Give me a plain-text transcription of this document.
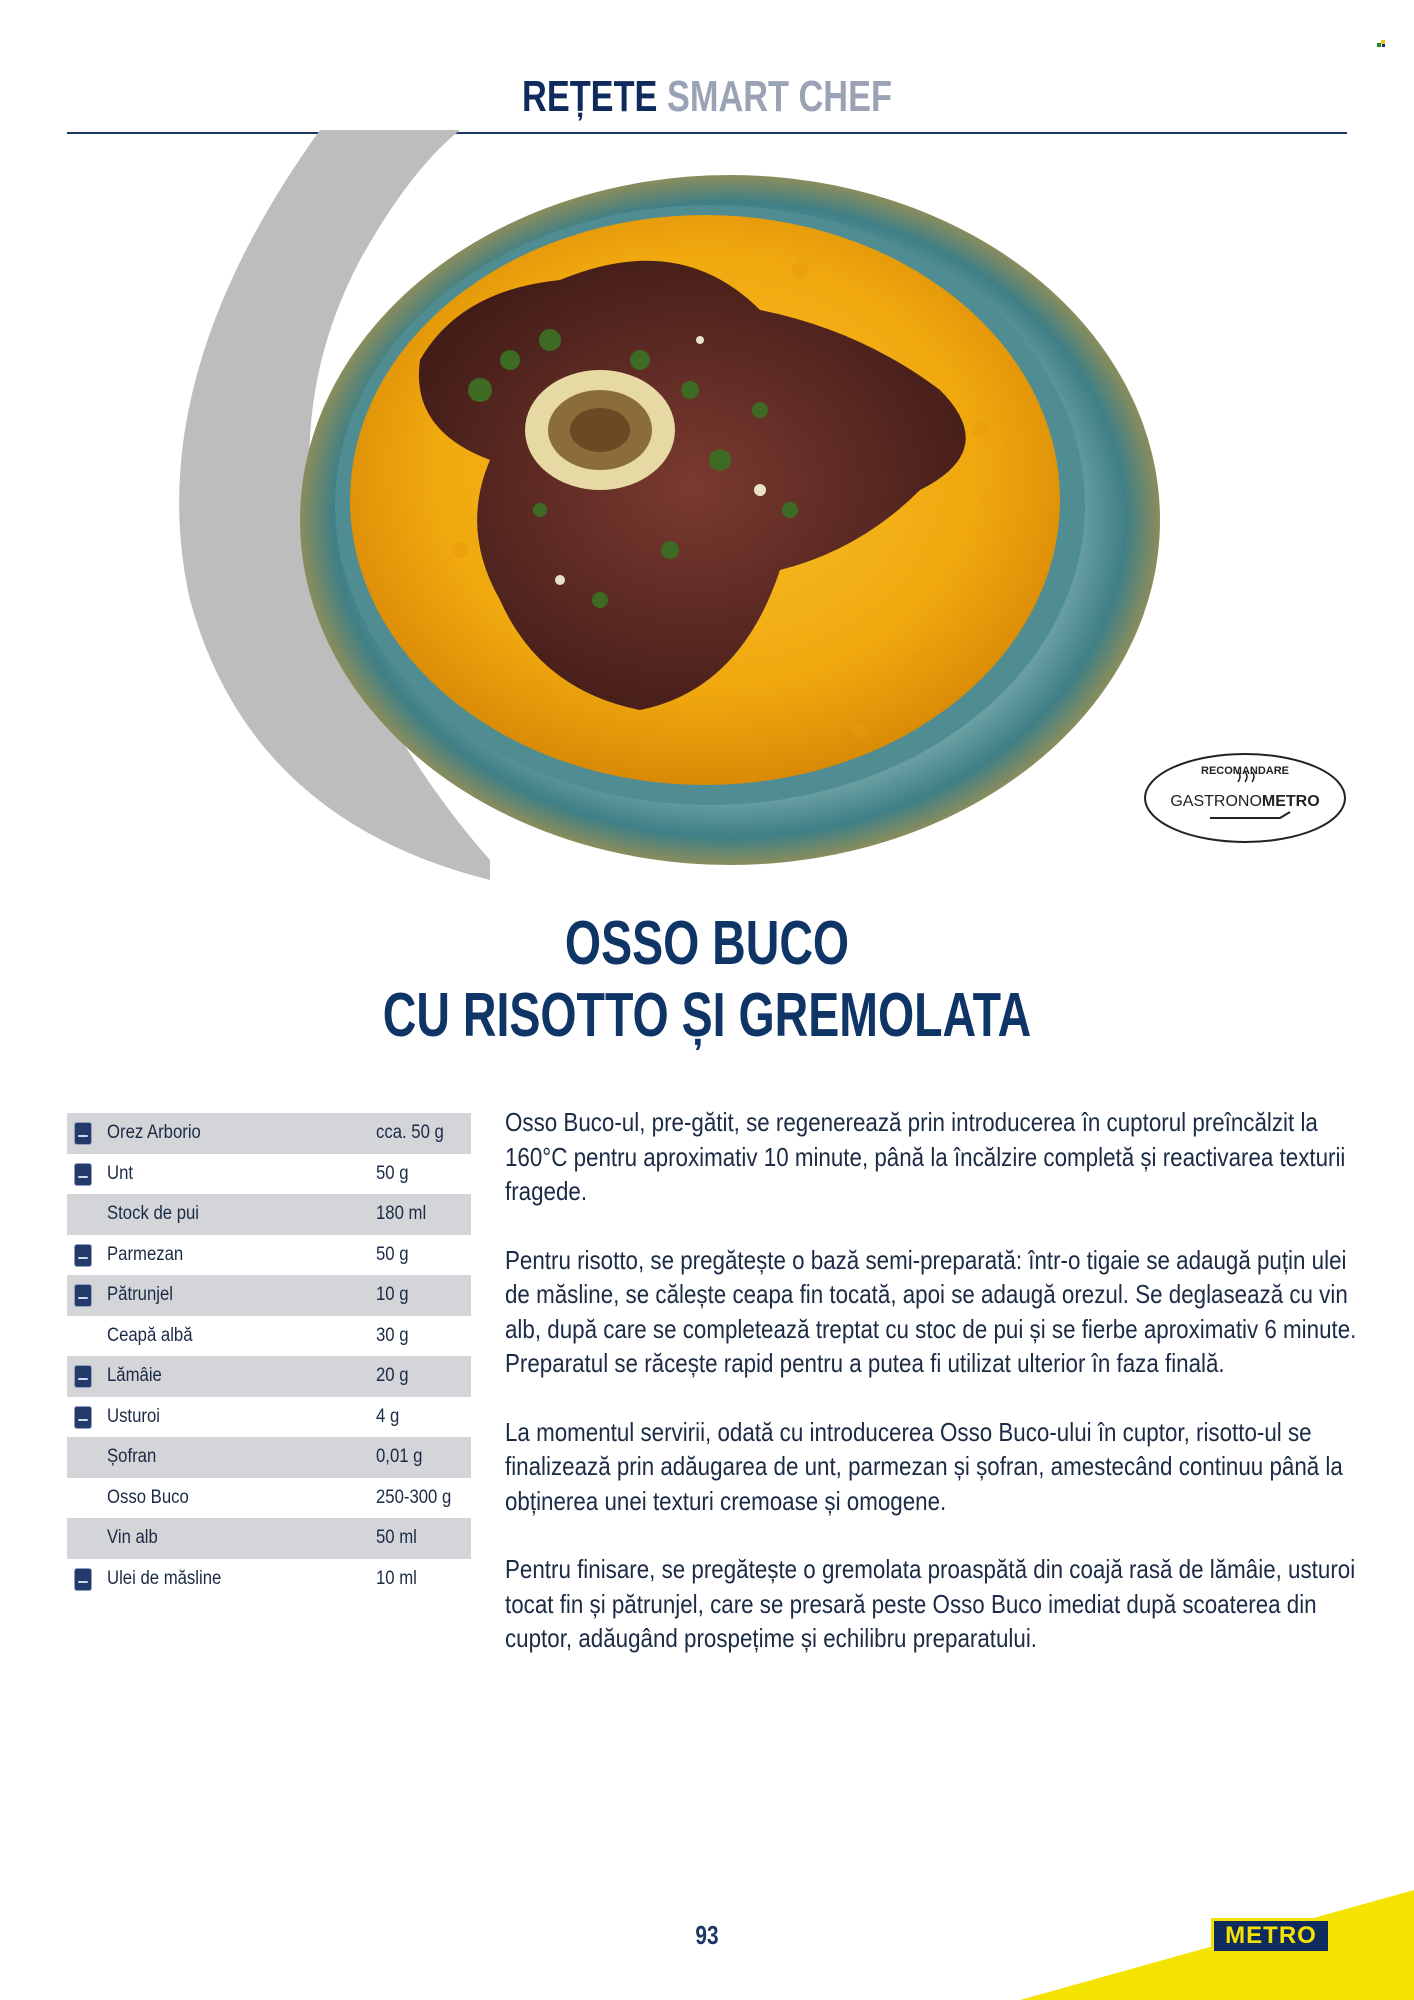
REȚETE SMART CHEF
RECOMANDARE
GASTRONOMETRO
OSSO BUCO
CU RISOTTO ȘI GREMOLATA
Orez Arborio	cca. 50 g
Unt	50 g
Stock de pui	180 ml
Parmezan	50 g
Pătrunjel	10 g
Ceapă albă	30 g
Lămâie	20 g
Usturoi	4 g
Șofran	0,01 g
Osso Buco	250-300 g
Vin alb	50 ml
Ulei de măsline	10 ml

Osso Buco-ul, pre-gătit, se regenerează prin introducerea în cuptorul preîncălzit la 160°C pentru aproximativ 10 minute, până la încălzire completă și reactivarea texturii fragede.

Pentru risotto, se pregătește o bază semi-preparată: într-o tigaie se adaugă puțin ulei de măsline, se călește ceapa fin tocată, apoi se adaugă orezul. Se deglasează cu vin alb, după care se completează treptat cu stoc de pui și se fierbe aproximativ 6 minute. Preparatul se răcește rapid pentru a putea fi utilizat ulterior în faza finală.

La momentul servirii, odată cu introducerea Osso Buco-ului în cuptor, risotto-ul se finalizează prin adăugarea de unt, parmezan și șofran, amestecând continuu până la obținerea unei texturi cremoase și omogene.

Pentru finisare, se pregătește o gremolata proaspătă din coajă rasă de lămâie, usturoi tocat fin și pătrunjel, care se presară peste Osso Buco imediat după scoaterea din cuptor, adăugând prospețime și echilibru preparatului.

93	METRO
